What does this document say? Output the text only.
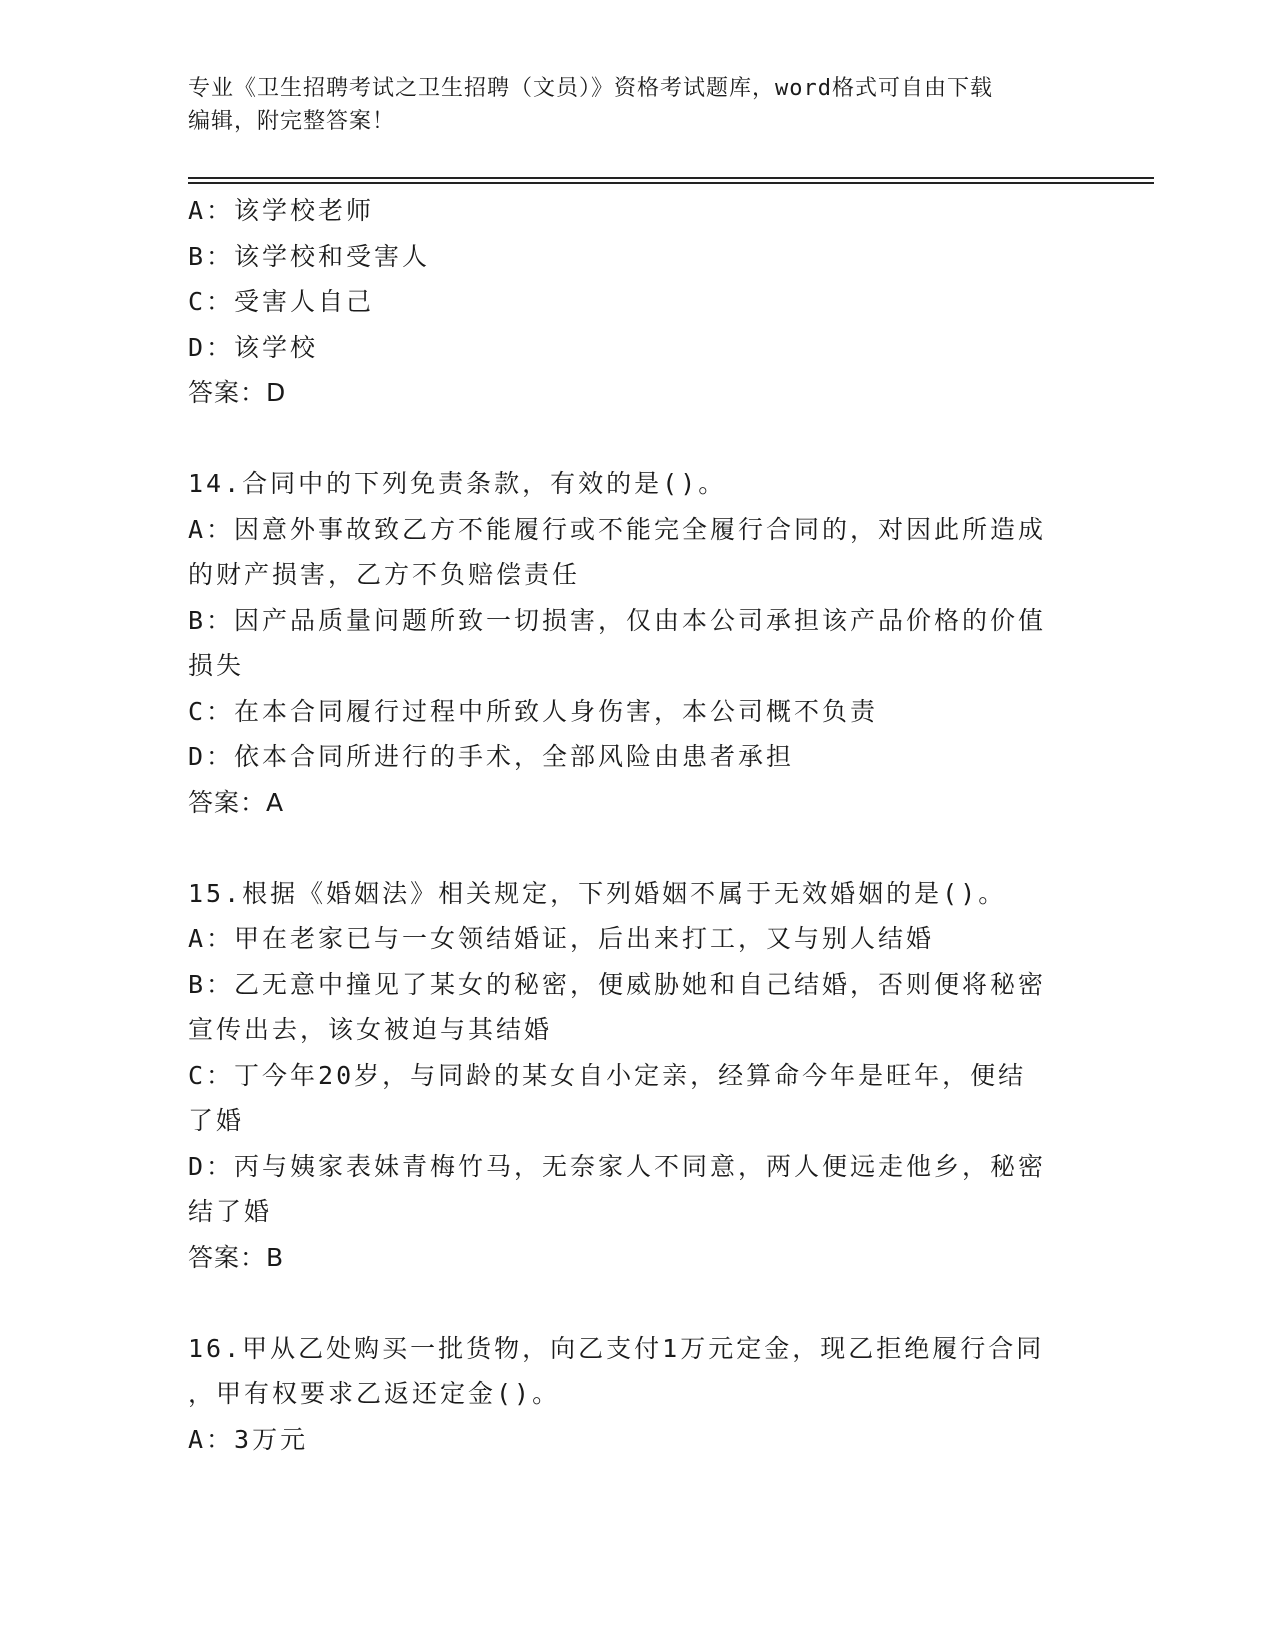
专业《卫生招聘考试之卫生招聘（文员）》资格考试题库，word格式可自由下载
编辑，附完整答案！
A：该学校老师
B：该学校和受害人
C：受害人自己
D：该学校
答案：D
14.合同中的下列免责条款，有效的是()。
A：因意外事故致乙方不能履行或不能完全履行合同的，对因此所造成
的财产损害，乙方不负赔偿责任
B：因产品质量问题所致一切损害，仅由本公司承担该产品价格的价值
损失
C：在本合同履行过程中所致人身伤害，本公司概不负责
D：依本合同所进行的手术，全部风险由患者承担
答案：A
15.根据《婚姻法》相关规定，下列婚姻不属于无效婚姻的是()。
A：甲在老家已与一女领结婚证，后出来打工，又与别人结婚
B：乙无意中撞见了某女的秘密，便威胁她和自己结婚，否则便将秘密
宣传出去，该女被迫与其结婚
C：丁今年20岁，与同龄的某女自小定亲，经算命今年是旺年，便结
了婚
D：丙与姨家表妹青梅竹马，无奈家人不同意，两人便远走他乡，秘密
结了婚
答案：B
16.甲从乙处购买一批货物，向乙支付1万元定金，现乙拒绝履行合同
，甲有权要求乙返还定金()。
A：3万元
